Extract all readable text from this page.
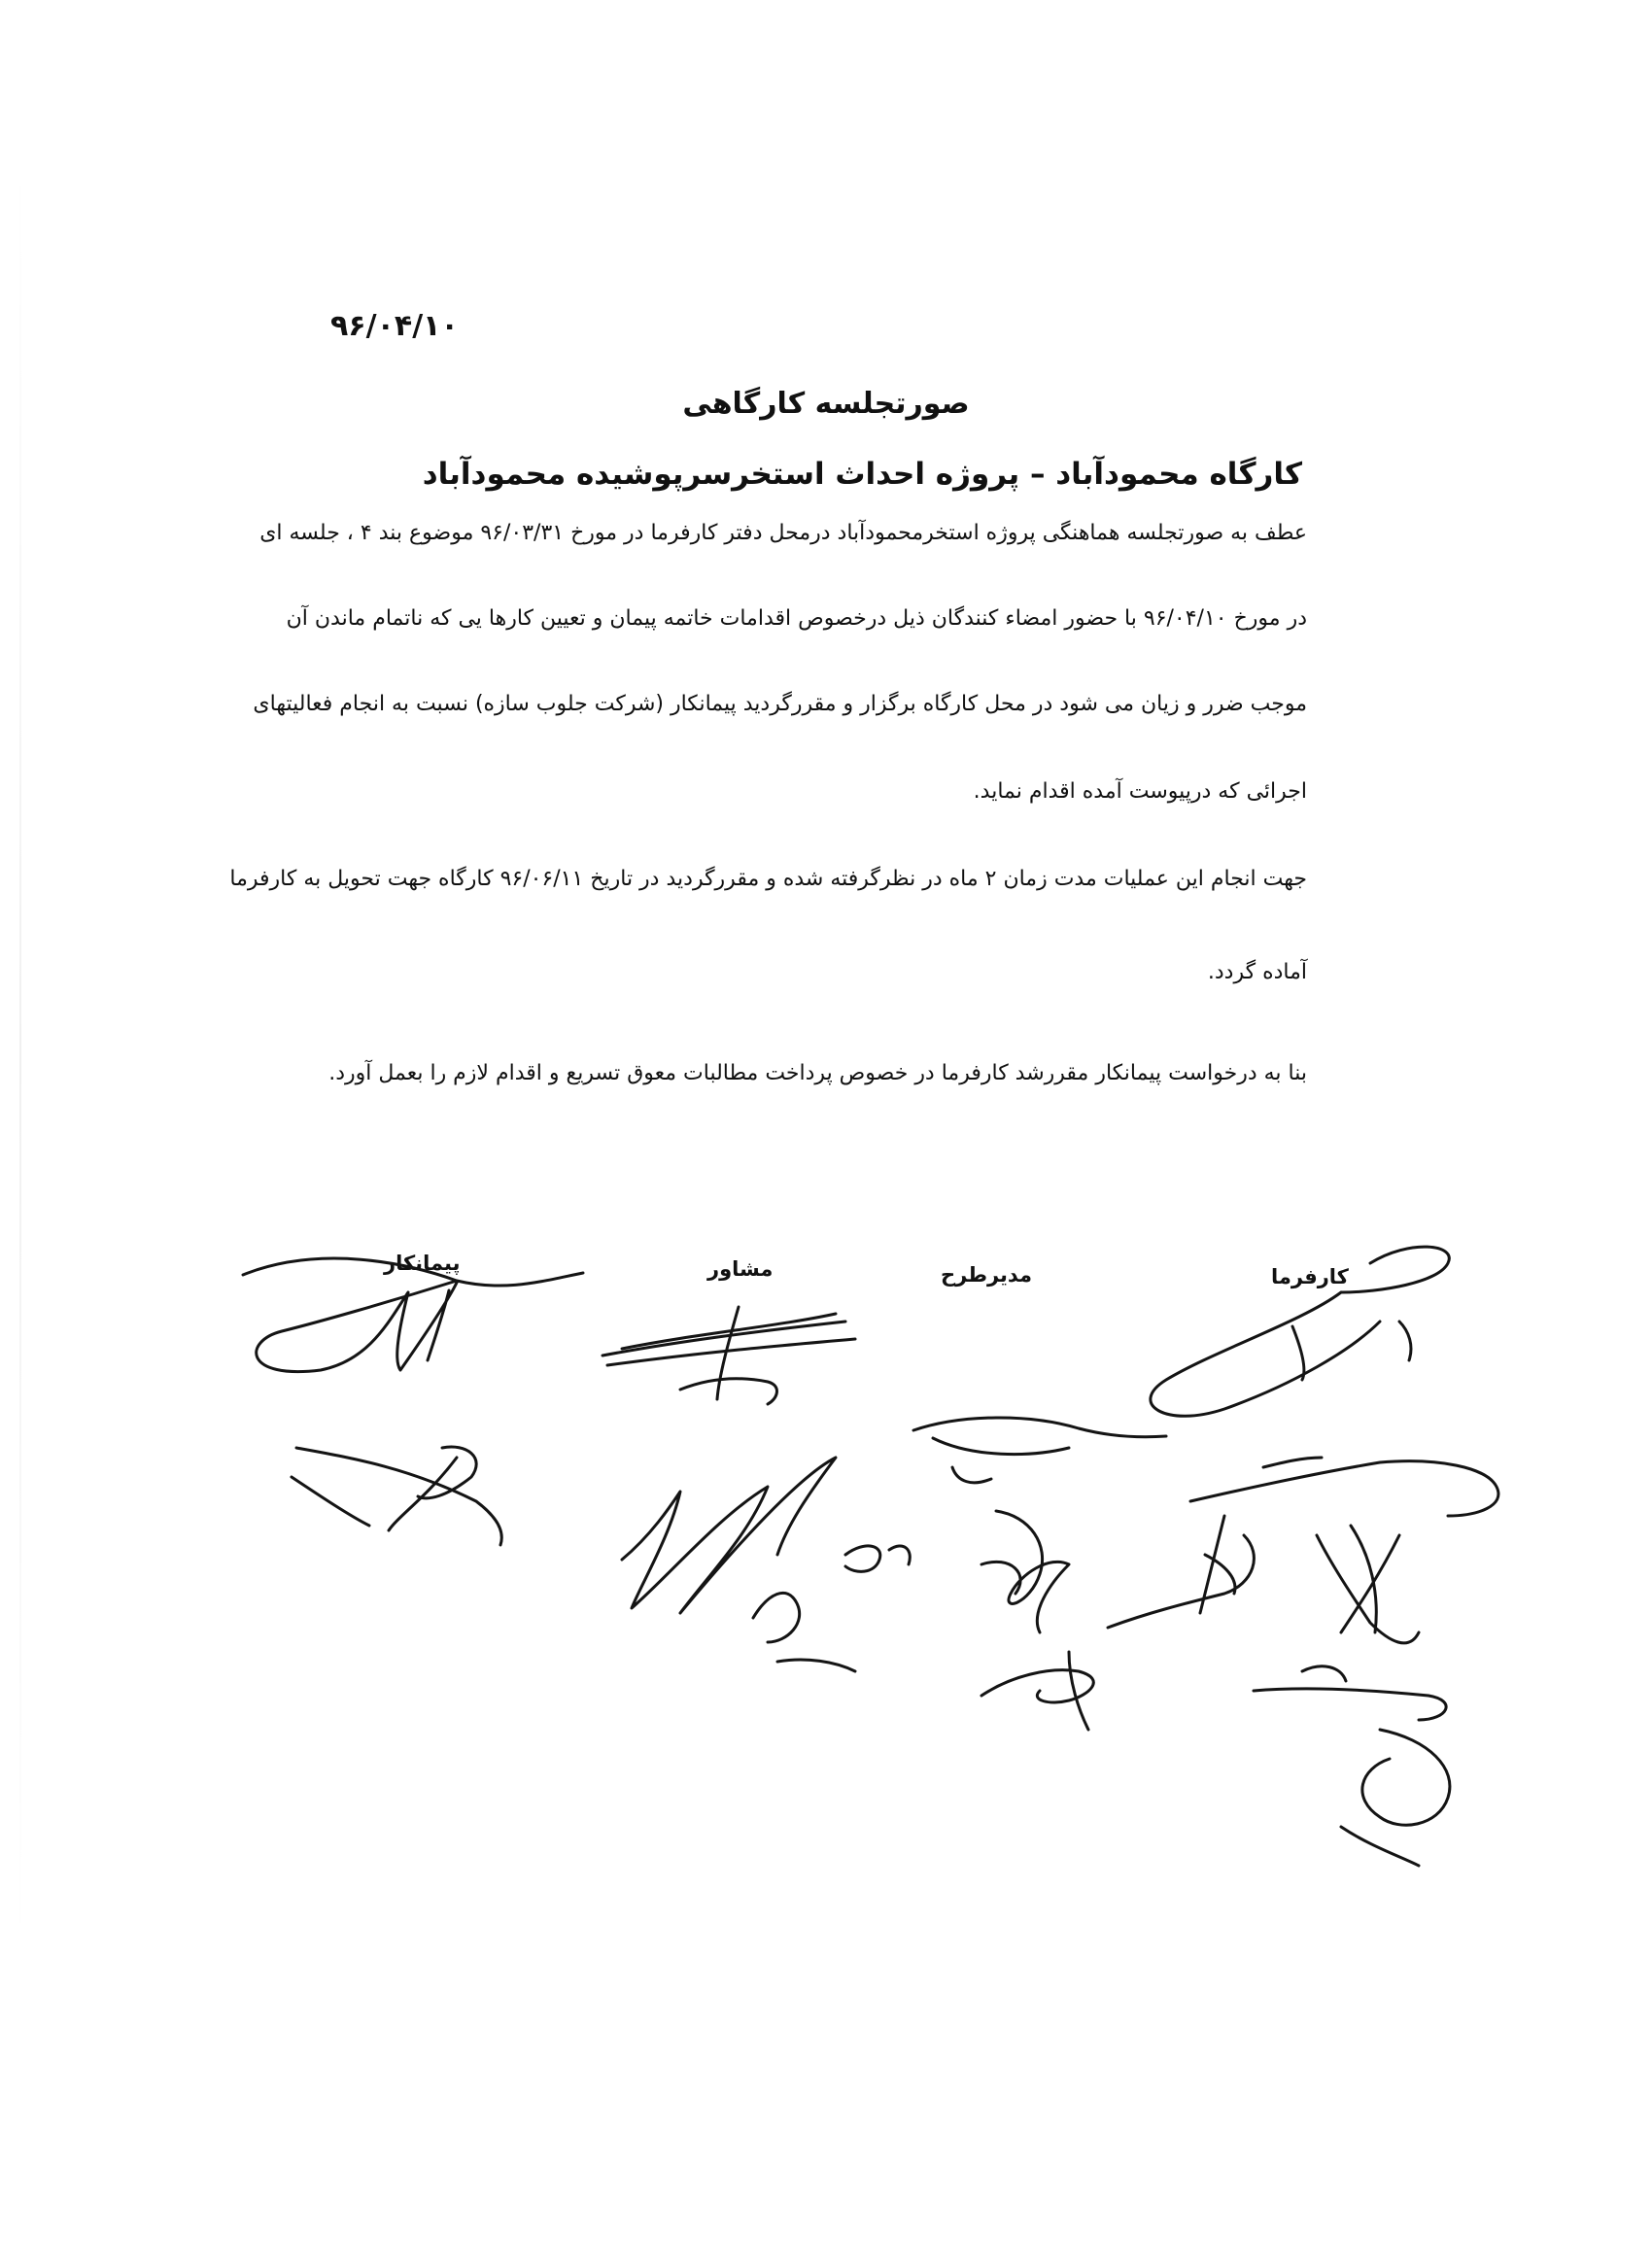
۹۶/۰۴/۱۰
صورتجلسه کارگاهی
کارگاه محمودآباد – پروژه احداث استخرسرپوشیده محمودآباد
عطف به صورتجلسه هماهنگی پروژه استخرمحمودآباد درمحل دفتر کارفرما در مورخ ۹۶/۰۳/۳۱ موضوع بند ۴ ، جلسه ای
در مورخ ۹۶/۰۴/۱۰ با حضور امضاء کنندگان ذیل درخصوص اقدامات خاتمه پیمان و تعیین کارها یی که ناتمام ماندن آن
موجب ضرر و زیان می شود در محل کارگاه برگزار و مقررگردید پیمانکار (شرکت جلوب سازه) نسبت به انجام فعالیتهای
اجرائی که درپیوست آمده اقدام نماید.
جهت انجام این عملیات مدت زمان ۲ ماه در نظرگرفته شده و مقررگردید در تاریخ ۹۶/۰۶/۱۱ کارگاه جهت تحویل به کارفرما
آماده گردد.
بنا به درخواست پیمانکار مقررشد کارفرما در خصوص پرداخت مطالبات معوق تسریع و اقدام لازم را بعمل آورد.
پیمانکار	مشاور	مدیرطرح	کارفرما
